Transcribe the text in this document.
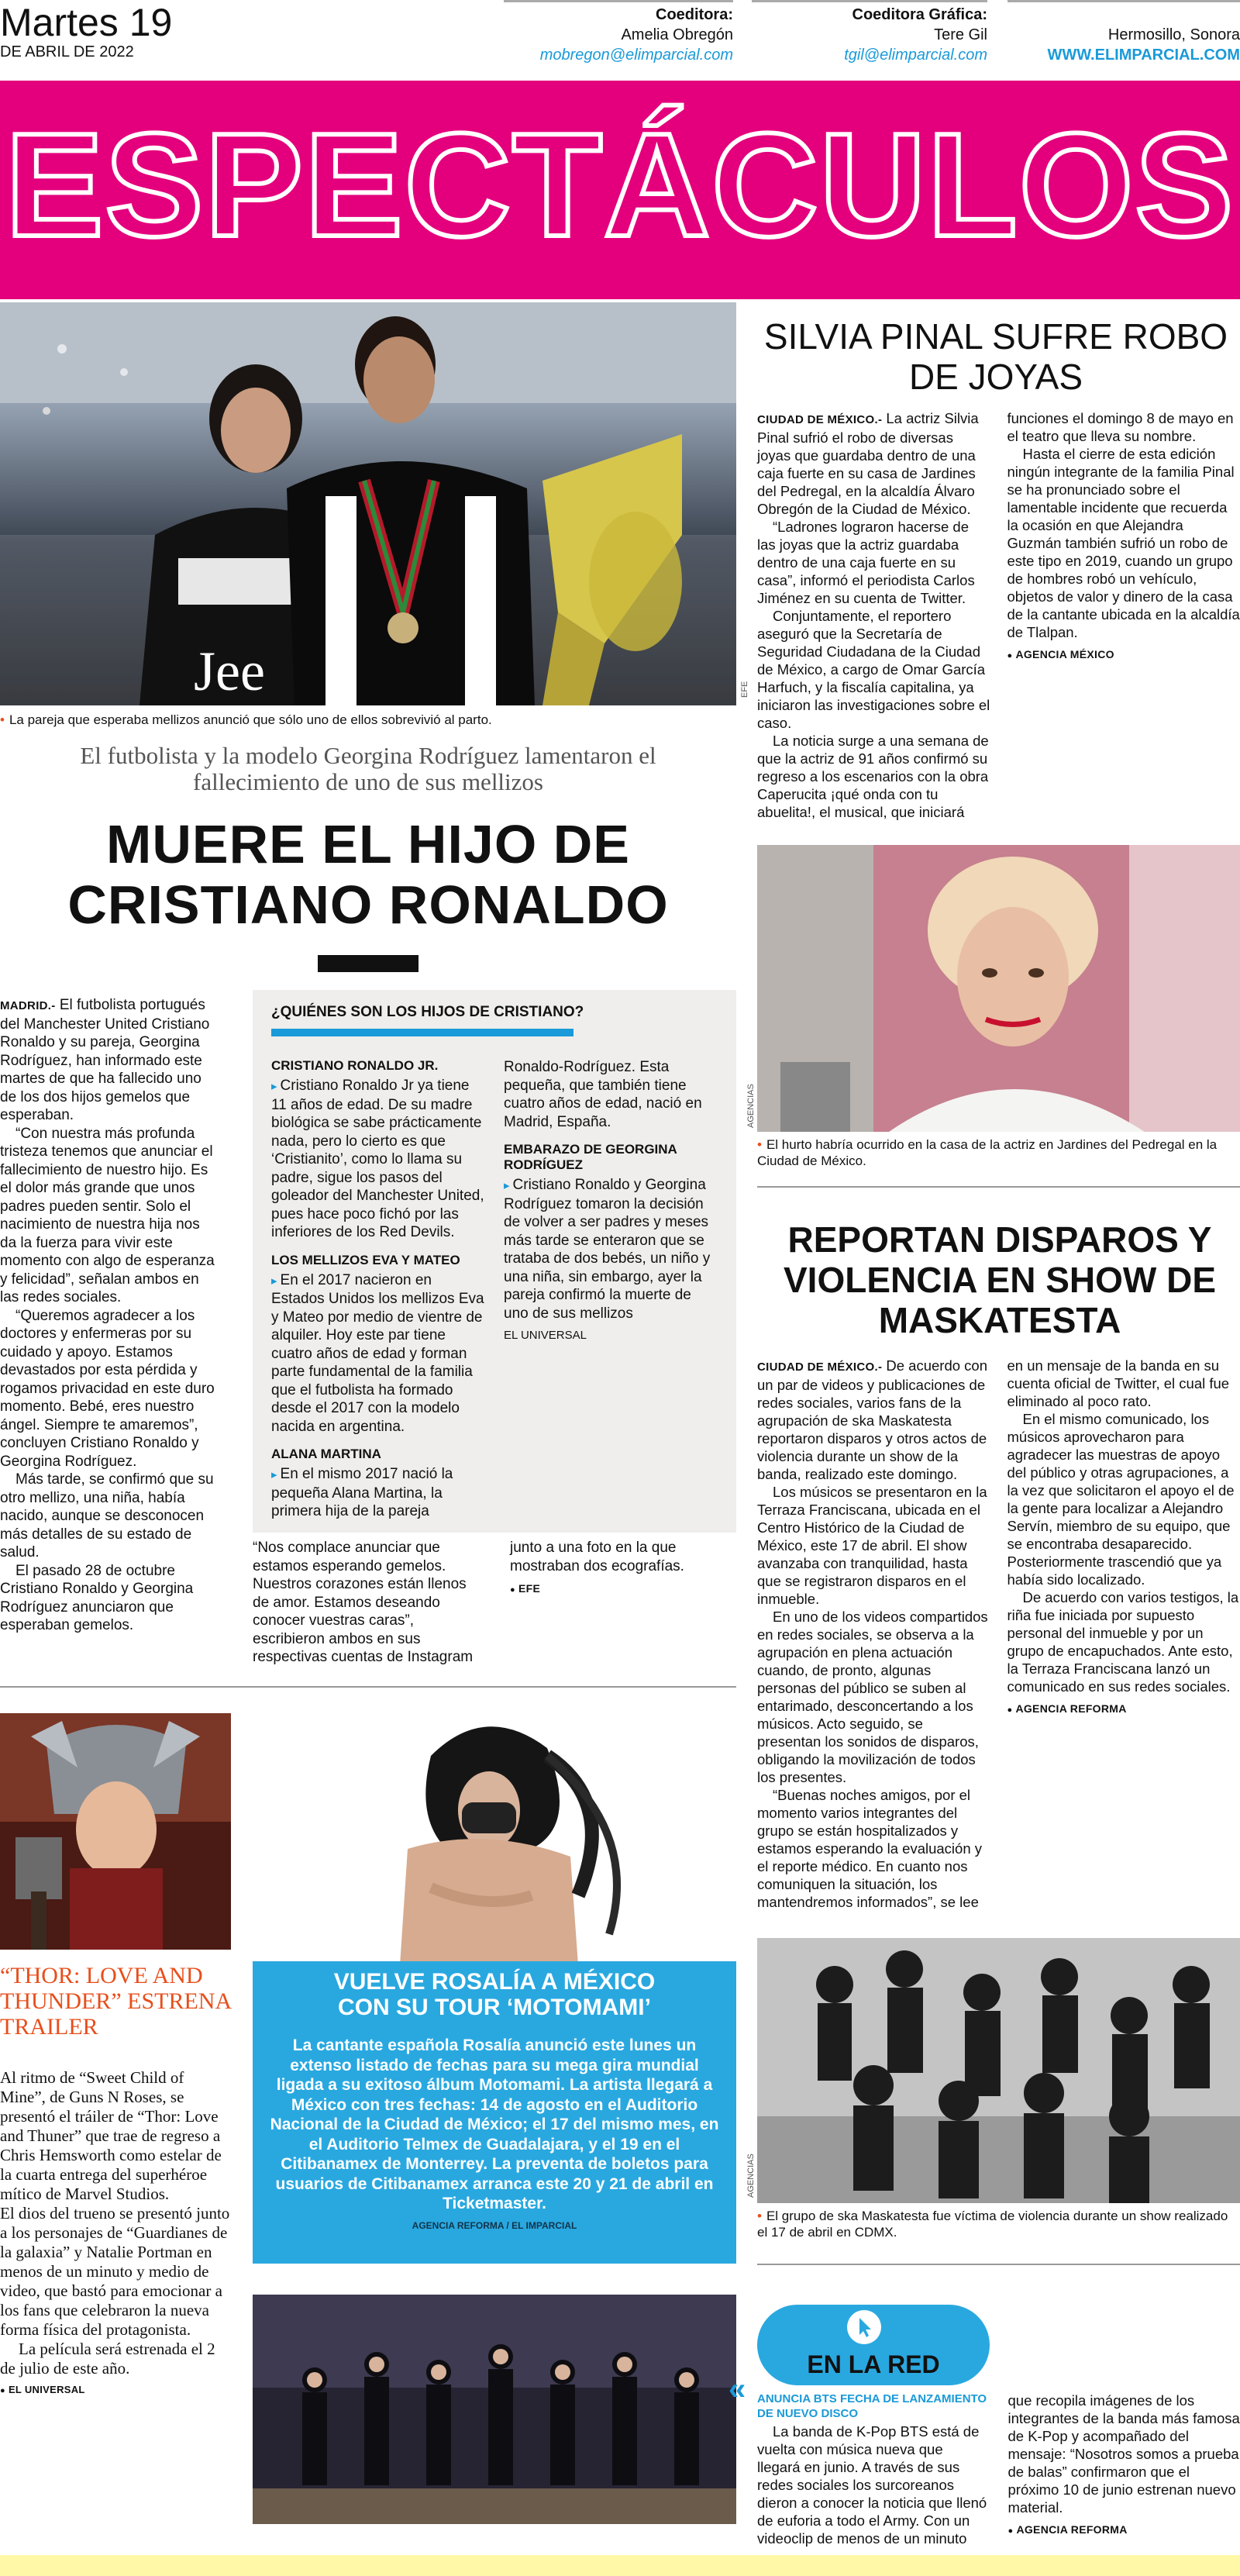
Martes 19
DE ABRIL DE 2022
Coeditora:
Amelia Obregón
mobregon@elimparcial.com
Coeditora Gráfica:
Tere Gil
tgil@elimparcial.com
Hermosillo, Sonora
WWW.ELIMPARCIAL.COM
ESPECTÁCULOS
Jee	EFE
• La pareja que esperaba mellizos anunció que sólo uno de ellos sobrevivió al parto.
El futbolista y la modelo Georgina Rodríguez lamentaron el fallecimiento de uno de sus mellizos
MUERE EL HIJO DE CRISTIANO RONALDO

MADRID.- El futbolista portugués del Manchester United Cristiano Ronaldo y su pareja, Georgina Rodríguez, han informado este martes de que ha fallecido uno de los dos hijos gemelos que esperaban.

“Con nuestra más profunda tristeza tenemos que anunciar el fallecimiento de nuestro hijo. Es el dolor más grande que unos padres pueden sentir. Solo el nacimiento de nuestra hija nos da la fuerza para vivir este momento con algo de esperanza y felicidad”, señalan ambos en las redes sociales.

“Queremos agradecer a los doctores y enfermeras por su cuidado y apoyo. Estamos devastados por esta pérdida y rogamos privacidad en este duro momento. Bebé, eres nuestro ángel. Siempre te amaremos”, concluyen Cristiano Ronaldo y Georgina Rodríguez.

Más tarde, se confirmó que su otro mellizo, una niña, había nacido, aunque se desconocen más detalles de su estado de salud.

El pasado 28 de octubre Cristiano Ronaldo y Georgina Rodríguez anunciaron que esperaban gemelos.

¿QUIÉNES SON LOS HIJOS DE CRISTIANO?
CRISTIANO RONALDO JR.
▸ Cristiano Ronaldo Jr ya tiene 11 años de edad. De su madre biológica se sabe prácticamente nada, pero lo cierto es que ‘Cristianito’, como lo llama su padre, sigue los pasos del goleador del Manchester United, pues hace poco fichó por las inferiores de los Red Devils.
LOS MELLIZOS EVA Y MATEO
▸ En el 2017 nacieron en Estados Unidos los mellizos Eva y Mateo por medio de vientre de alquiler. Hoy este par tiene cuatro años de edad y forman parte fundamental de la familia que el futbolista ha formado desde el 2017 con la modelo nacida en argentina.
ALANA MARTINA
▸ En el mismo 2017 nació la pequeña Alana Martina, la primera hija de la pareja Ronaldo-Rodríguez. Esta pequeña, que también tiene cuatro años de edad, nació en Madrid, España.
EMBARAZO DE GEORGINA RODRÍGUEZ
▸ Cristiano Ronaldo y Georgina Rodríguez tomaron la decisión de volver a ser padres y meses más tarde se enteraron que se trataba de dos bebés, un niño y una niña, sin embargo, ayer la pareja confirmó la muerte de uno de sus mellizos
EL UNIVERSAL

“Nos complace anunciar que estamos esperando gemelos. Nuestros corazones están llenos de amor. Estamos deseando conocer vuestras caras”, escribieron ambos en sus respectivas cuentas de Instagram junto a una foto en la que mostraban dos ecografías.

● EFE
SILVIA PINAL SUFRE ROBO DE JOYAS

CIUDAD DE MÉXICO.- La actriz Silvia Pinal sufrió el robo de diversas joyas que guardaba dentro de una caja fuerte en su casa de Jardines del Pedregal, en la alcaldía Álvaro Obregón de la Ciudad de México.

“Ladrones lograron hacerse de las joyas que la actriz guardaba dentro de una caja fuerte en su casa”, informó el periodista Carlos Jiménez en su cuenta de Twitter.

Conjuntamente, el reportero aseguró que la Secretaría de Seguridad Ciudadana de la Ciudad de México, a cargo de Omar García Harfuch, y la fiscalía capitalina, ya iniciaron las investigaciones sobre el caso.

La noticia surge a una semana de que la actriz de 91 años confirmó su regreso a los escenarios con la obra Caperucita ¡qué onda con tu abuelita!, el musical, que iniciará funciones el domingo 8 de mayo en el teatro que lleva su nombre.

Hasta el cierre de esta edición ningún integrante de la familia Pinal se ha pronunciado sobre el lamentable incidente que recuerda la ocasión en que Alejandra Guzmán también sufrió un robo de este tipo en 2019, cuando un grupo de hombres robó un vehículo, objetos de valor y dinero de la casa de la cantante ubicada en la alcaldía de Tlalpan.

● AGENCIA MÉXICO
AGENCIAS
• El hurto habría ocurrido en la casa de la actriz en Jardines del Pedregal en la Ciudad de México.
REPORTAN DISPAROS Y VIOLENCIA EN SHOW DE MASKATESTA

CIUDAD DE MÉXICO.- De acuerdo con un par de videos y publicaciones de redes sociales, varios fans de la agrupación de ska Maskatesta reportaron disparos y otros actos de violencia durante un show de la banda, realizado este domingo.

Los músicos se presentaron en la Terraza Franciscana, ubicada en el Centro Histórico de la Ciudad de México, este 17 de abril. El show avanzaba con tranquilidad, hasta que se registraron disparos en el inmueble.

En uno de los videos compartidos en redes sociales, se observa a la agrupación en plena actuación cuando, de pronto, algunas personas del público se suben al entarimado, desconcertando a los músicos. Acto seguido, se presentan los sonidos de disparos, obligando la movilización de todos los presentes.

“Buenas noches amigos, por el momento varios integrantes del grupo se están hospitalizados y estamos esperando la evaluación y el reporte médico. En cuanto nos comuniquen la situación, los mantendremos informados”, se lee en un mensaje de la banda en su cuenta oficial de Twitter, el cual fue eliminado al poco rato.

En el mismo comunicado, los músicos aprovecharon para agradecer las muestras de apoyo del público y otras agrupaciones, a la vez que solicitaron el apoyo el de la gente para localizar a Alejandro Servín, miembro de su equipo, que se encontraba desaparecido. Posteriormente trascendió que ya había sido localizado.

De acuerdo con varios testigos, la riña fue iniciada por supuesto personal del inmueble y por un grupo de encapuchados. Ante esto, la Terraza Franciscana lanzó un comunicado en sus redes sociales.

● AGENCIA REFORMA
AGENCIAS
• El grupo de ska Maskatesta fue víctima de violencia durante un show realizado el 17 de abril en CDMX.
“THOR: LOVE AND THUNDER” ESTRENA TRAILER

Al ritmo de “Sweet Child of Mine”, de Guns N Roses, se presentó el tráiler de “Thor: Love and Thuner” que trae de regreso a Chris Hemsworth como estelar de la cuarta entrega del superhéroe mítico de Marvel Studios.

El dios del trueno se presentó junto a los personajes de “Guardianes de la galaxia” y Natalie Portman en menos de un minuto y medio de video, que bastó para emocionar a los fans que celebraron la nueva forma física del protagonista.

La película será estrenada el 2 de julio de este año.

● EL UNIVERSAL
VUELVE ROSALÍA A MÉXICO CON SU TOUR ‘MOTOMAMI’
La cantante española Rosalía anunció este lunes un extenso listado de fechas para su mega gira mundial ligada a su exitoso álbum Motomami. La artista llegará a México con tres fechas: 14 de agosto en el Auditorio Nacional de la Ciudad de México; el 17 del mismo mes, en el Auditorio Telmex de Guadalajara, y el 19 en el Citibanamex de Monterrey. La preventa de boletos para usuarios de Citibanamex arranca este 20 y 21 de abril en Ticketmaster.
AGENCIA REFORMA / EL IMPARCIAL
EN LA RED
« ANUNCIA BTS FECHA DE LANZAMIENTO DE NUEVO DISCO

La banda de K-Pop BTS está de vuelta con música nueva que llegará en junio. A través de sus redes sociales los surcoreanos dieron a conocer la noticia que llenó de euforia a todo el Army. Con un videoclip de menos de un minuto que recopila imágenes de los integrantes de la banda más famosa de K-Pop y acompañado del mensaje: “Nosotros somos a prueba de balas” confirmaron que el próximo 10 de junio estrenan nuevo material.

● AGENCIA REFORMA
